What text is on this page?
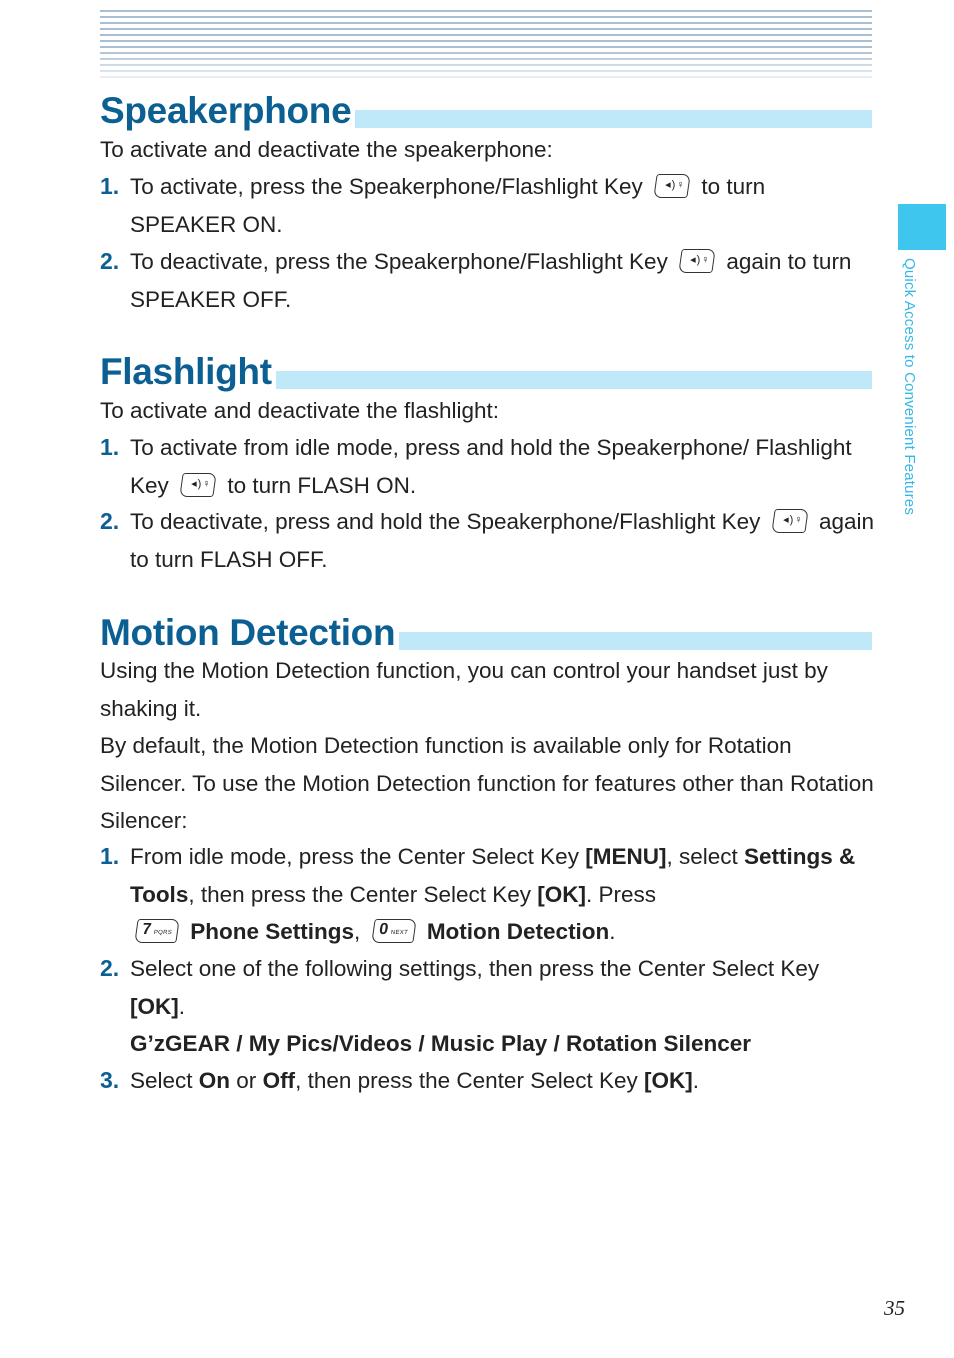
Quick Access to Convenient Features
Speakerphone

To activate and deactivate the speakerphone:

1. To activate, press the Speakerphone/Flashlight Key ◂)♀ to turn SPEAKER ON.
2. To deactivate, press the Speakerphone/Flashlight Key ◂)♀ again to turn SPEAKER OFF.
Flashlight

To activate and deactivate the flashlight:

1. To activate from idle mode, press and hold the Speakerphone/ Flashlight Key ◂)♀ to turn FLASH ON.
2. To deactivate, press and hold the Speakerphone/Flashlight Key ◂)♀ again to turn FLASH OFF.
Motion Detection

Using the Motion Detection function, you can control your handset just by shaking it.

By default, the Motion Detection function is available only for Rotation Silencer. To use the Motion Detection function for features other than Rotation Silencer:

1. From idle mode, press the Center Select Key [MENU], select Settings & Tools, then press the Center Select Key [OK]. Press

7 PQRS Phone Settings, 0 NEXT Motion Detection.
2. Select one of the following settings, then press the Center Select Key [OK].
G’zGEAR / My Pics/Videos / Music Play / Rotation Silencer
3. Select On or Off, then press the Center Select Key [OK].
35
